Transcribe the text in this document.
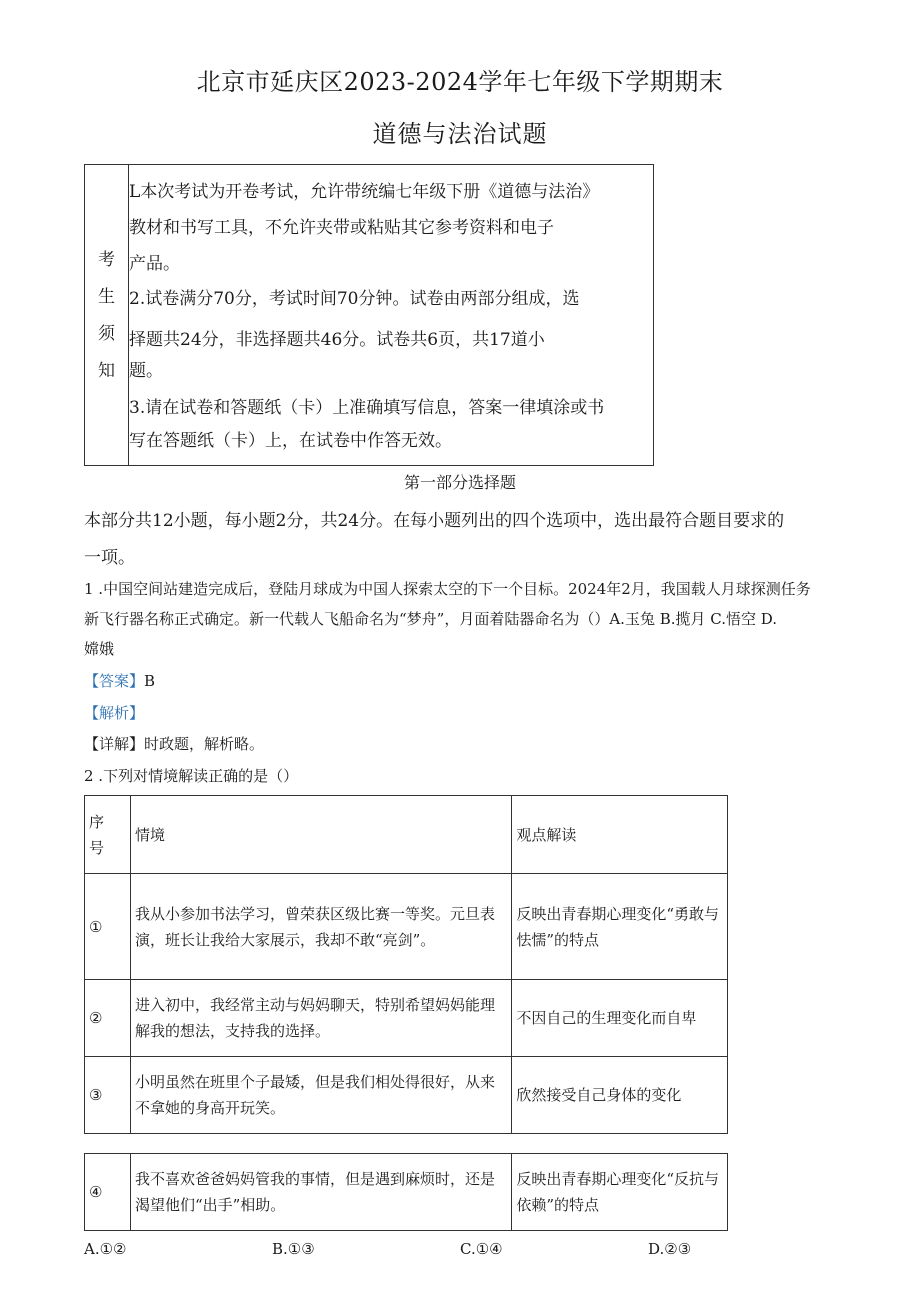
北京市延庆区2023-2024学年七年级下学期期末
道德与法治试题
考
生
须
知
L本次考试为开卷考试，允许带统编七年级下册《道德与法治》
教材和书写工具，不允许夹带或粘贴其它参考资料和电子
产品。
2.试卷满分70分，考试时间70分钟。试卷由两部分组成，选
择题共24分，非选择题共46分。试卷共6页，共17道小
题。
3.请在试卷和答题纸（卡）上准确填写信息，答案一律填涂或书
写在答题纸（卡）上，在试卷中作答无效。
第一部分选择题
本部分共12小题，每小题2分，共24分。在每小题列出的四个选项中，选出最符合题目要求的
一项。
1 .中国空间站建造完成后，登陆月球成为中国人探索太空的下一个目标。2024年2月，我国载人月球探测任务
新飞行器名称正式确定。新一代载人飞船命名为“梦舟”，月面着陆器命名为（）A.玉兔 B.揽月 C.悟空 D.
嫦娥
【答案】B
【解析】
【详解】时政题，解析略。
2 .下列对情境解读正确的是（）
序号	情境	观点解读
①	我从小参加书法学习，曾荣获区级比赛一等奖。元旦表演，班长让我给大家展示，我却不敢“亮剑”。	反映出青春期心理变化“勇敢与怯懦”的特点
②	进入初中，我经常主动与妈妈聊天，特别希望妈妈能理解我的想法，支持我的选择。	不因自己的生理变化而自卑
③	小明虽然在班里个子最矮，但是我们相处得很好，从来不拿她的身高开玩笑。	欣然接受自己身体的变化
④	我不喜欢爸爸妈妈管我的事情，但是遇到麻烦时，还是渴望他们“出手”相助。	反映出青春期心理变化“反抗与依赖”的特点
A.①②	B.①③	C.①④	D.②③
